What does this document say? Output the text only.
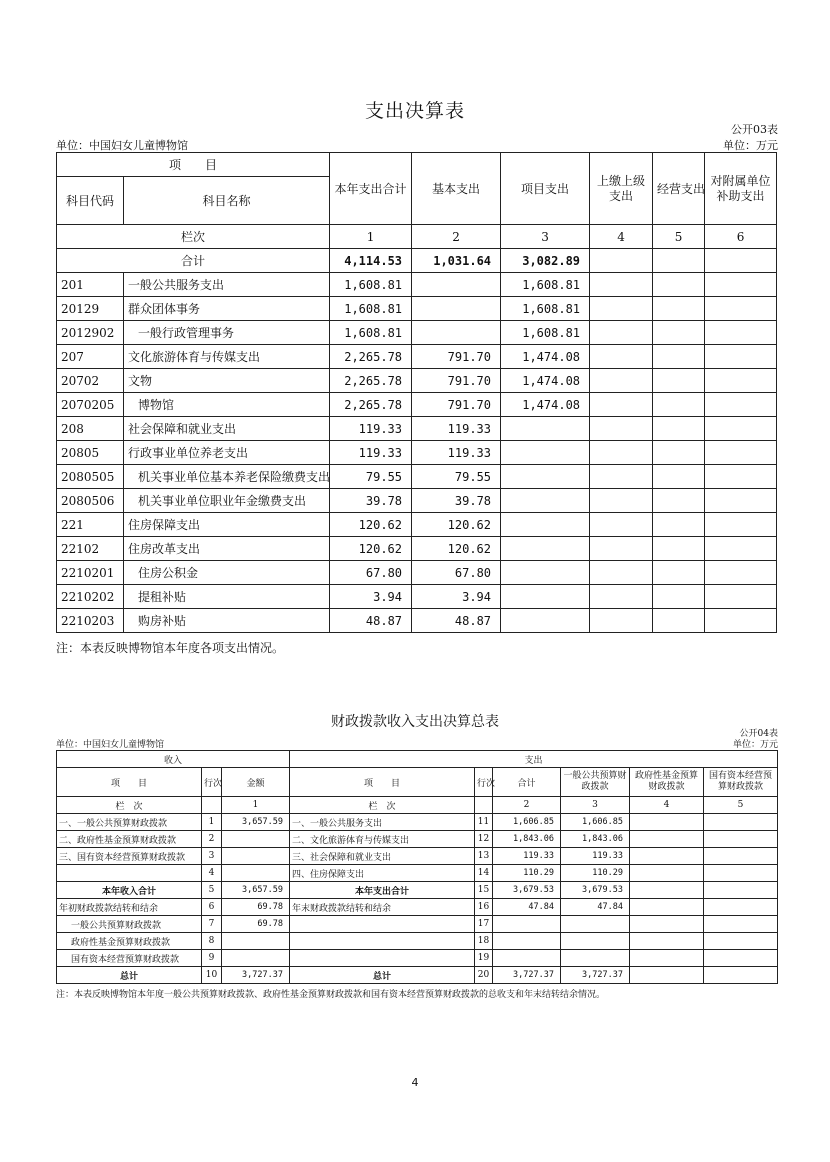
支出决算表
公开03表
单位：中国妇女儿童博物馆	单位：万元
项　　目		本年支出合计	基本支出	项目支出	上缴上级支出	经营支出	对附属单位补助支出
科目代码	科目名称						
栏次		1	2	3	4	5	6
合计		4,114.53	1,031.64	3,082.89			
201	一般公共服务支出	1,608.81		1,608.81			
20129	群众团体事务	1,608.81		1,608.81			
2012902	一般行政管理事务	1,608.81		1,608.81			
207	文化旅游体育与传媒支出	2,265.78	791.70	1,474.08			
20702	文物	2,265.78	791.70	1,474.08			
2070205	博物馆	2,265.78	791.70	1,474.08			
208	社会保障和就业支出	119.33	119.33				
20805	行政事业单位养老支出	119.33	119.33				
2080505	机关事业单位基本养老保险缴费支出	79.55	79.55				
2080506	机关事业单位职业年金缴费支出	39.78	39.78				
221	住房保障支出	120.62	120.62				
22102	住房改革支出	120.62	120.62				
2210201	住房公积金	67.80	67.80				
2210202	提租补贴	3.94	3.94				
2210203	购房补贴	48.87	48.87				
注：本表反映博物馆本年度各项支出情况。
财政拨款收入支出决算总表
公开04表
单位：中国妇女儿童博物馆	单位：万元
收入			支出					
项　　目	行次	金额	项　　目	行次	合计	一般公共预算财政拨款	政府性基金预算财政拨款	国有资本经营预算财政拨款
栏　次		1	栏　次		2	3	4	5
一、一般公共预算财政拨款	1	3,657.59	一、一般公共服务支出	11	1,606.85	1,606.85		
二、政府性基金预算财政拨款	2		二、文化旅游体育与传媒支出	12	1,843.06	1,843.06		
三、国有资本经营预算财政拨款	3		三、社会保障和就业支出	13	119.33	119.33		
	4		四、住房保障支出	14	110.29	110.29		
本年收入合计	5	3,657.59	本年支出合计	15	3,679.53	3,679.53		
年初财政拨款结转和结余	6	69.78	年末财政拨款结转和结余	16	47.84	47.84		
一般公共预算财政拨款	7	69.78		17				
政府性基金预算财政拨款	8			18				
国有资本经营预算财政拨款	9			19				
总计	10	3,727.37	总计	20	3,727.37	3,727.37		
注：本表反映博物馆本年度一般公共预算财政拨款、政府性基金预算财政拨款和国有资本经营预算财政拨款的总收支和年末结转结余情况。
4
